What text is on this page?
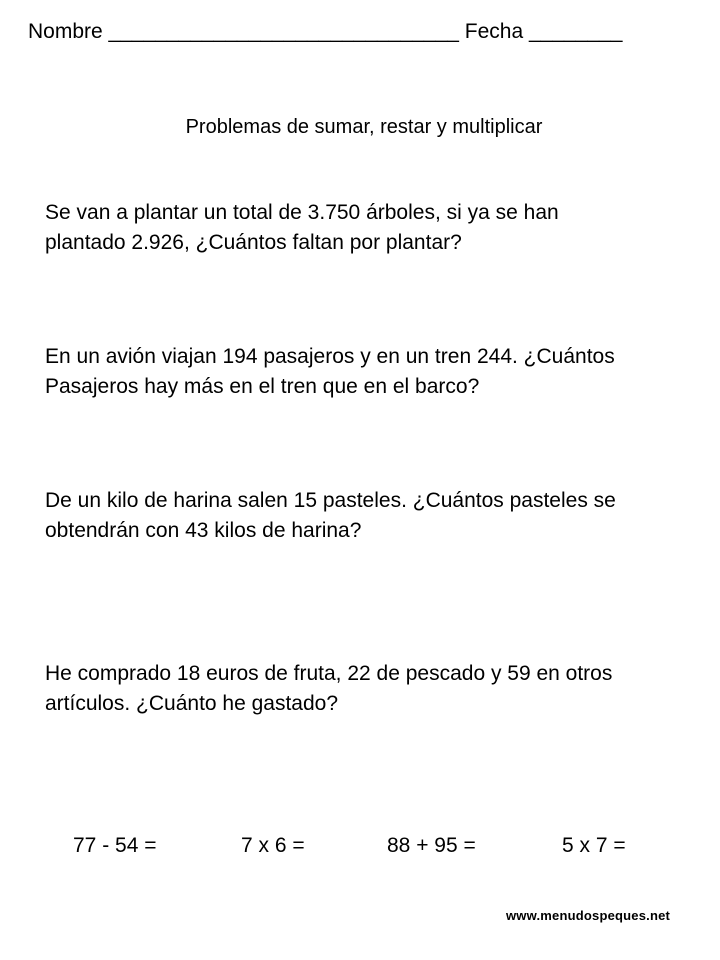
Nombre ______________________________ Fecha ________
Problemas de sumar, restar y multiplicar
Se van a plantar un total de 3.750 árboles, si ya se han
plantado 2.926, ¿Cuántos faltan por plantar?
En un avión viajan 194 pasajeros y en un tren 244. ¿Cuántos
Pasajeros hay más en el tren que en el barco?
De un kilo de harina salen 15 pasteles. ¿Cuántos pasteles se
obtendrán con 43 kilos de harina?
He comprado 18 euros de fruta, 22 de pescado y 59 en otros
artículos. ¿Cuánto he gastado?
77 - 54 =	7 x 6 =	88 + 95 =	5 x 7 =
www.menudospeques.net
